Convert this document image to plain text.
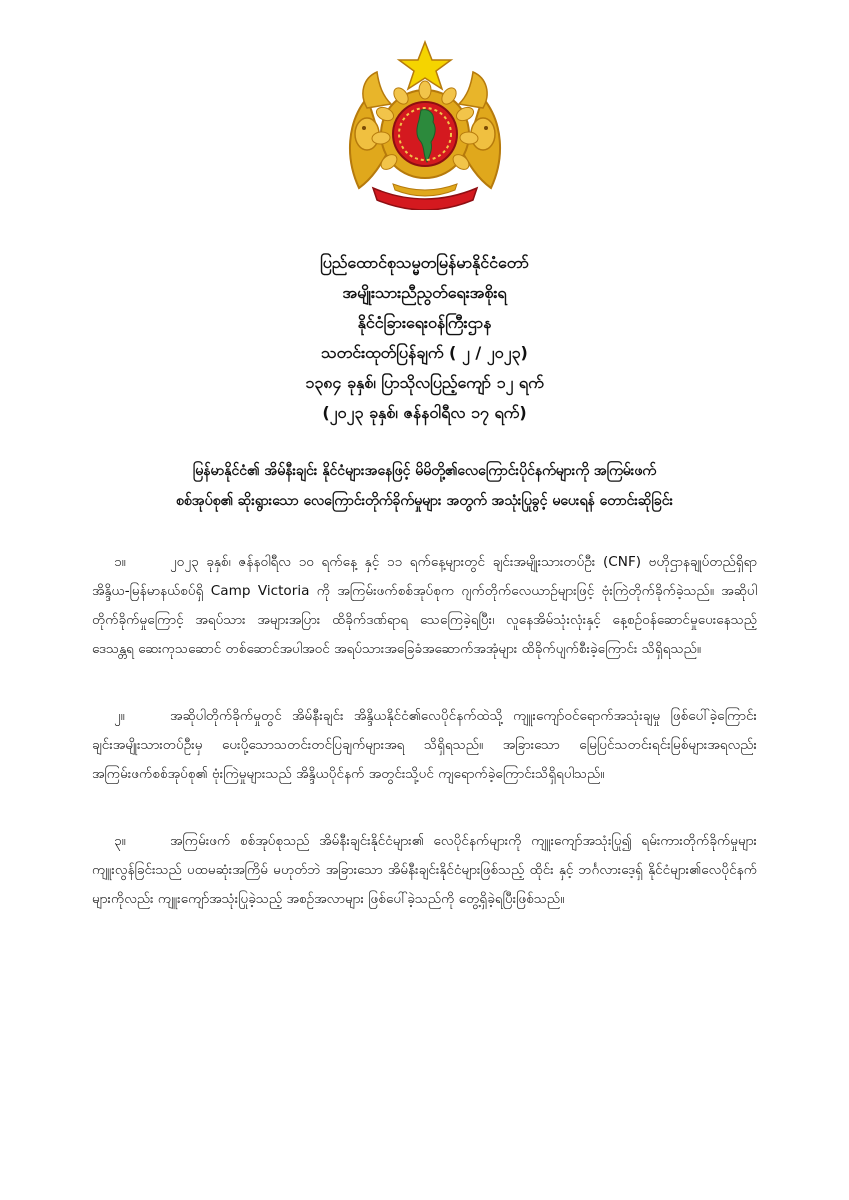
ပြည်ထောင်စုသမ္မတမြန်မာနိုင်ငံတော်
အမျိုးသားညီညွတ်ရေးအစိုးရ
နိုင်ငံခြားရေးဝန်ကြီးဌာန
သတင်းထုတ်ပြန်ချက် ( ၂ / ၂၀၂၃)
၁၃၈၄ ခုနှစ်၊ ပြာသိုလပြည့်ကျော် ၁၂ ရက်
(၂၀၂၃ ခုနှစ်၊ ဇန်နဝါရီလ ၁၇ ရက်)
မြန်မာနိုင်ငံ၏ အိမ်နီးချင်း နိုင်ငံများအနေဖြင့် မိမိတို့၏လေကြောင်းပိုင်နက်များကို အကြမ်းဖက်
စစ်အုပ်စု၏ ဆိုးရွားသော လေကြောင်းတိုက်ခိုက်မှုများ အတွက် အသုံးပြုခွင့် မပေးရန် တောင်းဆိုခြင်း
၁။	၂၀၂၃ ခုနှစ်၊ ဇန်နဝါရီလ ၁၀ ရက်နေ့ နှင့် ၁၁ ရက်နေ့များတွင် ချင်းအမျိုးသားတပ်ဦး (CNF) ဗဟိုဌာနချုပ်တည်ရှိရာ အိန္ဒိယ-မြန်မာနယ်စပ်ရှိ Camp Victoria ကို အကြမ်းဖက်စစ်အုပ်စုက ဂျက်တိုက်လေယာဉ်များဖြင့် ဗုံးကြဲတိုက်ခိုက်ခဲ့သည်။ အဆိုပါတိုက်ခိုက်မှုကြောင့် အရပ်သား အများအပြား ထိခိုက်ဒဏ်ရာရ သေကြေခဲ့ရပြီး၊ လူနေအိမ်သုံးလုံးနှင့် နေ့စဉ်ဝန်ဆောင်မှုပေးနေသည့် ဒေသန္တရ ဆေးကုသဆောင် တစ်ဆောင်အပါအဝင် အရပ်သားအခြေခံအဆောက်အအုံများ ထိခိုက်ပျက်စီးခဲ့ကြောင်း သိရှိရသည်။
၂။	အဆိုပါတိုက်ခိုက်မှုတွင် အိမ်နီးချင်း အိန္ဒိယနိုင်ငံ၏လေပိုင်နက်ထဲသို့ ကျူးကျော်ဝင်ရောက်အသုံးချမှု ဖြစ်ပေါ်ခဲ့ကြောင်း ချင်းအမျိုးသားတပ်ဦးမှ ပေးပို့သောသတင်းတင်ပြချက်များအရ သိရှိရသည်။ အခြားသော မြေပြင်သတင်းရင်းမြစ်များအရလည်း အကြမ်းဖက်စစ်အုပ်စု၏ ဗုံးကြဲမှုများသည် အိန္ဒိယပိုင်နက် အတွင်းသို့ပင် ကျရောက်ခဲ့ကြောင်းသိရှိရပါသည်။
၃။	အကြမ်းဖက် စစ်အုပ်စုသည် အိမ်နီးချင်းနိုင်ငံများ၏ လေပိုင်နက်များကို ကျူးကျော်အသုံးပြု၍ ရမ်းကားတိုက်ခိုက်မှုများကျူးလွန်ခြင်းသည် ပထမဆုံးအကြိမ် မဟုတ်ဘဲ အခြားသော အိမ်နီးချင်းနိုင်ငံများဖြစ်သည့် ထိုင်း နှင့် ဘင်္ဂလားဒေ့ရှ် နိုင်ငံများ၏လေပိုင်နက်များကိုလည်း ကျူးကျော်အသုံးပြုခဲ့သည့် အစဉ်အလာများ ဖြစ်ပေါ်ခဲ့သည်ကို တွေ့ရှိခဲ့ရပြီးဖြစ်သည်။
